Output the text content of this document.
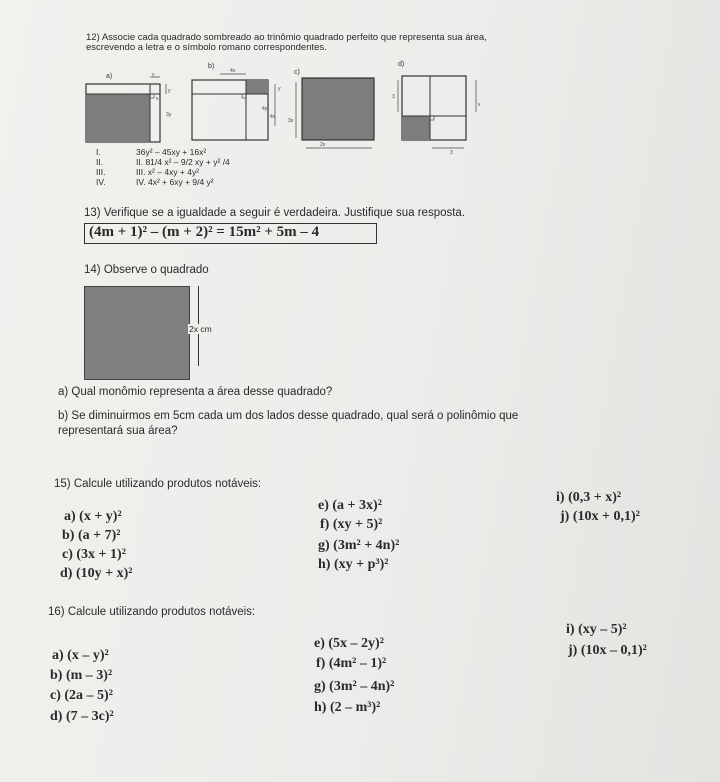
12) Associe cada quadrado sombreado ao trinômio quadrado perfeito que representa sua área,
escrevendo a letra e o símbolo romano correspondentes.
a)	y
y
3y
x
b)
4x
y
4y
4x
c)
3x
2x
d)
3
x
3
I.	36y² – 45xy + 16x²
II.	II. 81/4 x² – 9/2 xy + y² /4
III.	III. x² – 4xy + 4y²
IV.	IV. 4x² + 6xy + 9/4 y²
13) Verifique se a igualdade a seguir é verdadeira. Justifique sua resposta.
(4m + 1)² – (m + 2)² = 15m² + 5m – 4
14) Observe o quadrado
2x cm
a) Qual monômio representa a área desse quadrado?
b) Se diminuirmos em 5cm cada um dos lados desse quadrado, qual será o polinômio que
representará sua área?
15) Calcule utilizando produtos notáveis:
a) (x + y)²
b) (a + 7)²
c) (3x + 1)²
d) (10y + x)²
e) (a + 3x)²
f) (xy + 5)²
g) (3m² + 4n)²
h) (xy + p³)²
i) (0,3 + x)²
j) (10x + 0,1)²
16) Calcule utilizando produtos notáveis:
a) (x – y)²
b) (m – 3)²
c) (2a – 5)²
d) (7 – 3c)²
e) (5x – 2y)²
f) (4m² – 1)²
g) (3m² – 4n)²
h) (2 – m³)²
i) (xy – 5)²
j) (10x – 0,1)²
